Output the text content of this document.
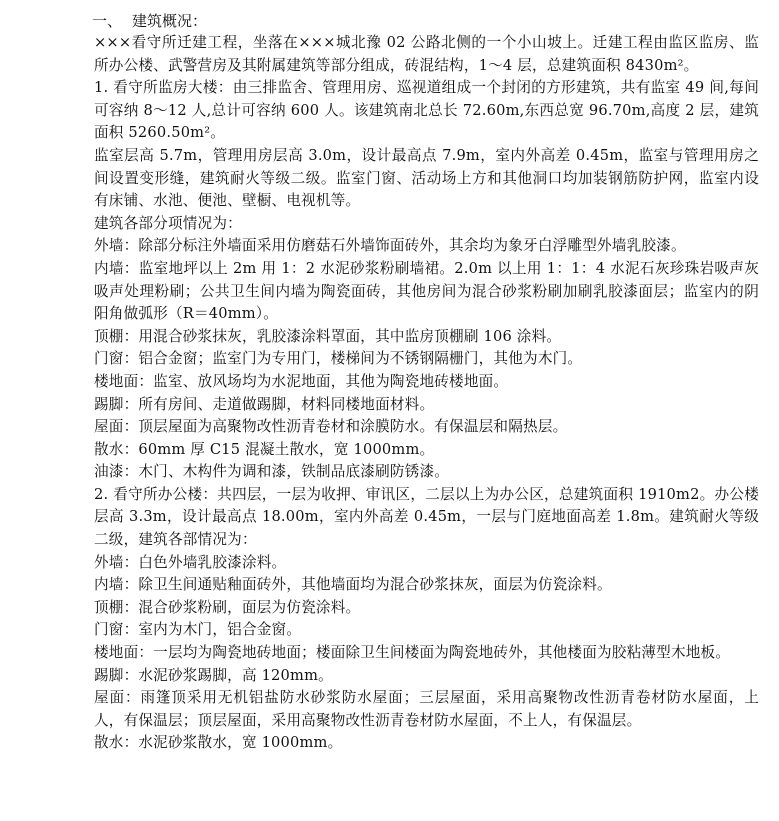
一、 建筑概况：

×××看守所迁建工程，坐落在×××城北豫 02 公路北侧的一个小山坡上。迁建工程由监区监房、监所办公楼、武警营房及其附属建筑等部分组成，砖混结构，1～4 层，总建筑面积 8430m²。

1. 看守所监房大楼：由三排监舍、管理用房、巡视道组成一个封闭的方形建筑，共有监室 49 间,每间可容纳 8～12 人,总计可容纳 600 人。该建筑南北总长 72.60m,东西总宽 96.70m,高度 2 层，建筑面积 5260.50m²。

监室层高 5.7m，管理用房层高 3.0m，设计最高点 7.9m，室内外高差 0.45m，监室与管理用房之间设置变形缝，建筑耐火等级二级。监室门窗、活动场上方和其他洞口均加装钢筋防护网，监室内设有床铺、水池、便池、壁橱、电视机等。

建筑各部分项情况为：

外墙：除部分标注外墙面采用仿磨菇石外墙饰面砖外，其余均为象牙白浮雕型外墙乳胶漆。

内墙：监室地坪以上 2m 用 1：2 水泥砂浆粉刷墙裙。2.0m 以上用 1：1：4 水泥石灰珍珠岩吸声灰吸声处理粉刷；公共卫生间内墙为陶瓷面砖，其他房间为混合砂浆粉刷加刷乳胶漆面层；监室内的阴阳角做弧形（R＝40mm）。

顶棚：用混合砂浆抹灰，乳胶漆涂料罩面，其中监房顶棚刷 106 涂料。

门窗：铝合金窗；监室门为专用门，楼梯间为不锈钢隔栅门，其他为木门。

楼地面：监室、放风场均为水泥地面，其他为陶瓷地砖楼地面。

踢脚：所有房间、走道做踢脚，材料同楼地面材料。

屋面：顶层屋面为高聚物改性沥青卷材和涂膜防水。有保温层和隔热层。

散水：60mm 厚 C15 混凝土散水，宽 1000mm。

油漆：木门、木构件为调和漆，铁制品底漆刷防锈漆。

2. 看守所办公楼：共四层，一层为收押、审讯区，二层以上为办公区，总建筑面积 1910m2。办公楼层高 3.3m，设计最高点 18.00m，室内外高差 0.45m，一层与门庭地面高差 1.8m。建筑耐火等级二级，建筑各部情况为：

外墙：白色外墙乳胶漆涂料。

内墙：除卫生间通贴釉面砖外，其他墙面均为混合砂浆抹灰，面层为仿瓷涂料。

顶棚：混合砂浆粉刷，面层为仿瓷涂料。

门窗：室内为木门，铝合金窗。

楼地面：一层均为陶瓷地砖地面；楼面除卫生间楼面为陶瓷地砖外，其他楼面为胶粘薄型木地板。

踢脚：水泥砂浆踢脚，高 120mm。

屋面：雨篷顶采用无机铝盐防水砂浆防水屋面；三层屋面，采用高聚物改性沥青卷材防水屋面，上人，有保温层；顶层屋面，采用高聚物改性沥青卷材防水屋面，不上人，有保温层。

散水：水泥砂浆散水，宽 1000mm。
